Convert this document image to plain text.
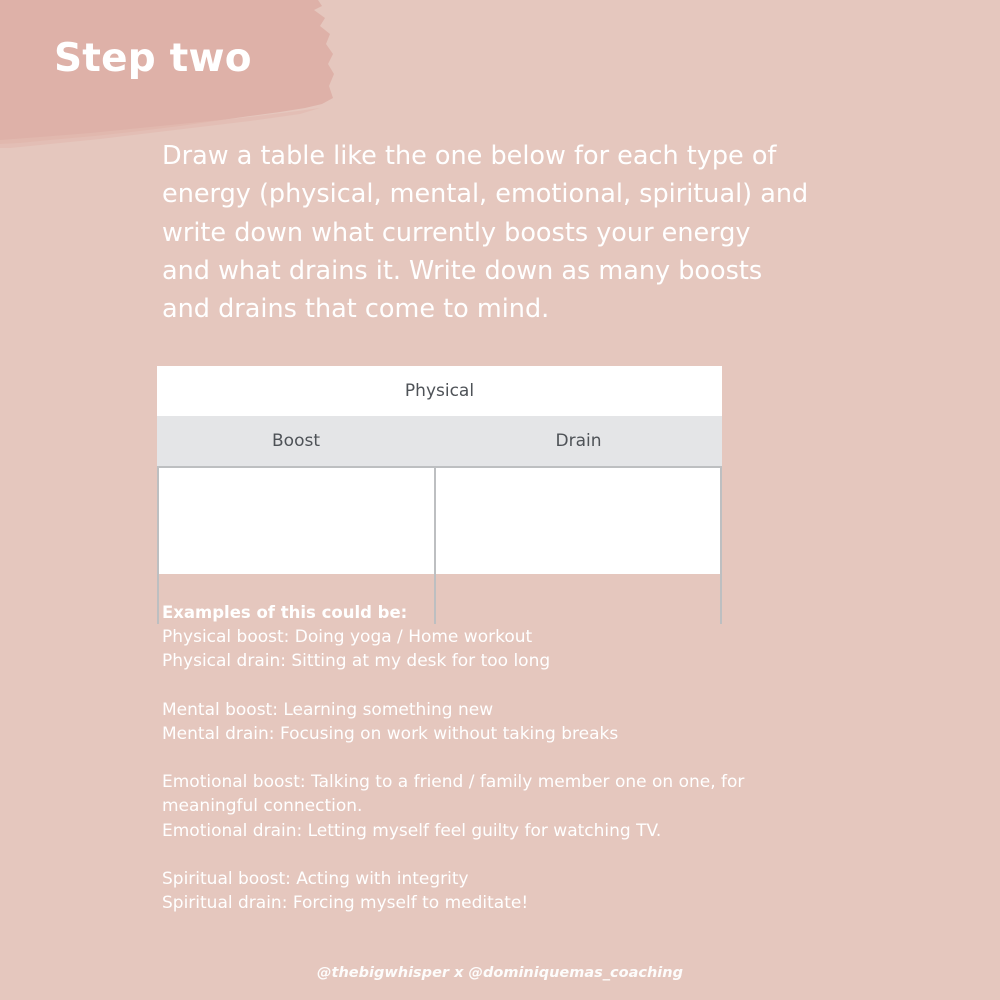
Step two

Draw a table like the one below for each type of
energy (physical, mental, emotional, spiritual) and
write down what currently boosts your energy
and what drains it. Write down as many boosts
and drains that come to mind.

Physical
Boost	Drain

Examples of this could be:

Physical boost: Doing yoga / Home workout
Physical drain: Sitting at my desk for too long

Mental boost: Learning something new
Mental drain: Focusing on work without taking breaks

Emotional boost: Talking to a friend / family member one on one, for
meaningful connection.
Emotional drain: Letting myself feel guilty for watching TV.

Spiritual boost: Acting with integrity
Spiritual drain: Forcing myself to meditate!

@thebigwhisper x @dominiquemas_coaching
